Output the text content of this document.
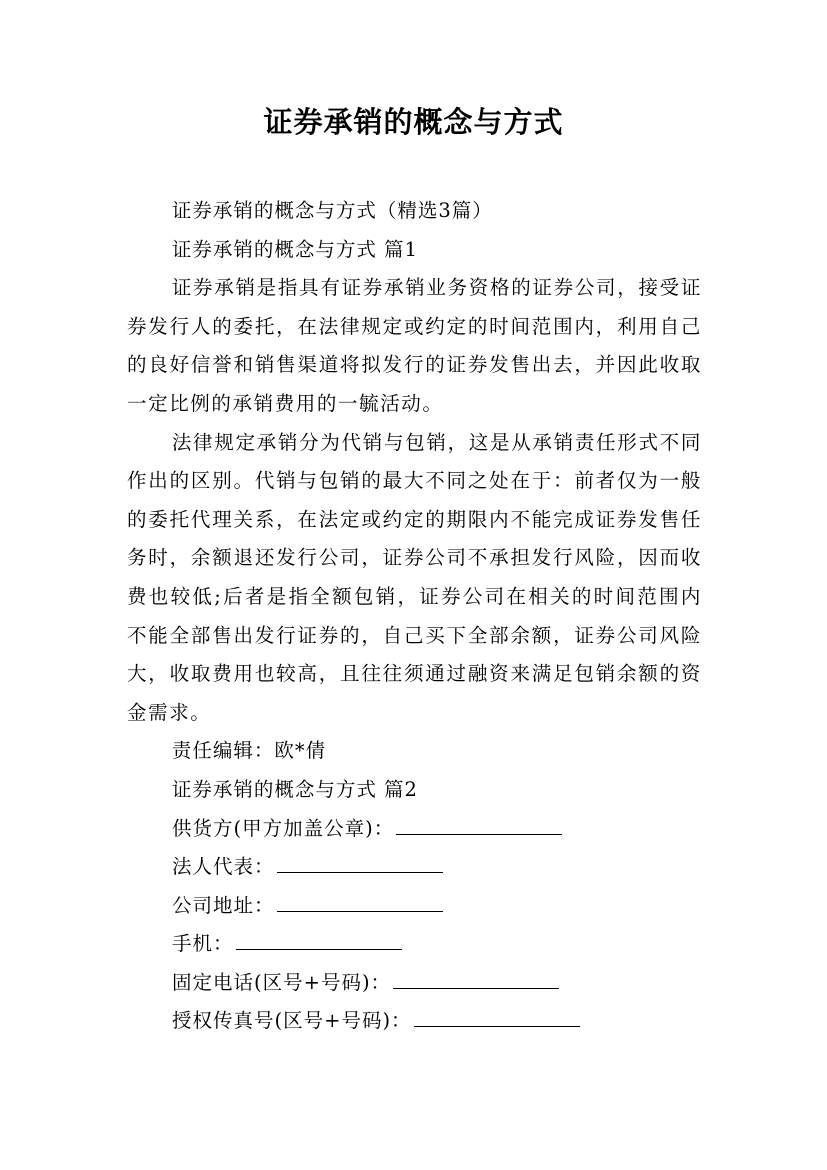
证券承销的概念与方式

证券承销的概念与方式（精选3篇）

证券承销的概念与方式 篇1

证券承销是指具有证券承销业务资格的证券公司，接受证券发行人的委托，在法律规定或约定的时间范围内，利用自己的良好信誉和销售渠道将拟发行的证券发售出去，并因此收取一定比例的承销费用的一毓活动。

法律规定承销分为代销与包销，这是从承销责任形式不同作出的区别。代销与包销的最大不同之处在于：前者仅为一般的委托代理关系，在法定或约定的期限内不能完成证券发售任务时，余额退还发行公司，证券公司不承担发行风险，因而收费也较低;后者是指全额包销，证券公司在相关的时间范围内不能全部售出发行证券的，自己买下全部余额，证券公司风险大，收取费用也较高，且往往须通过融资来满足包销余额的资金需求。

责任编辑：欧*倩

证券承销的概念与方式 篇2

供货方(甲方加盖公章)：
法人代表：
公司地址：
手机：
固定电话(区号+号码)：
授权传真号(区号+号码)：
